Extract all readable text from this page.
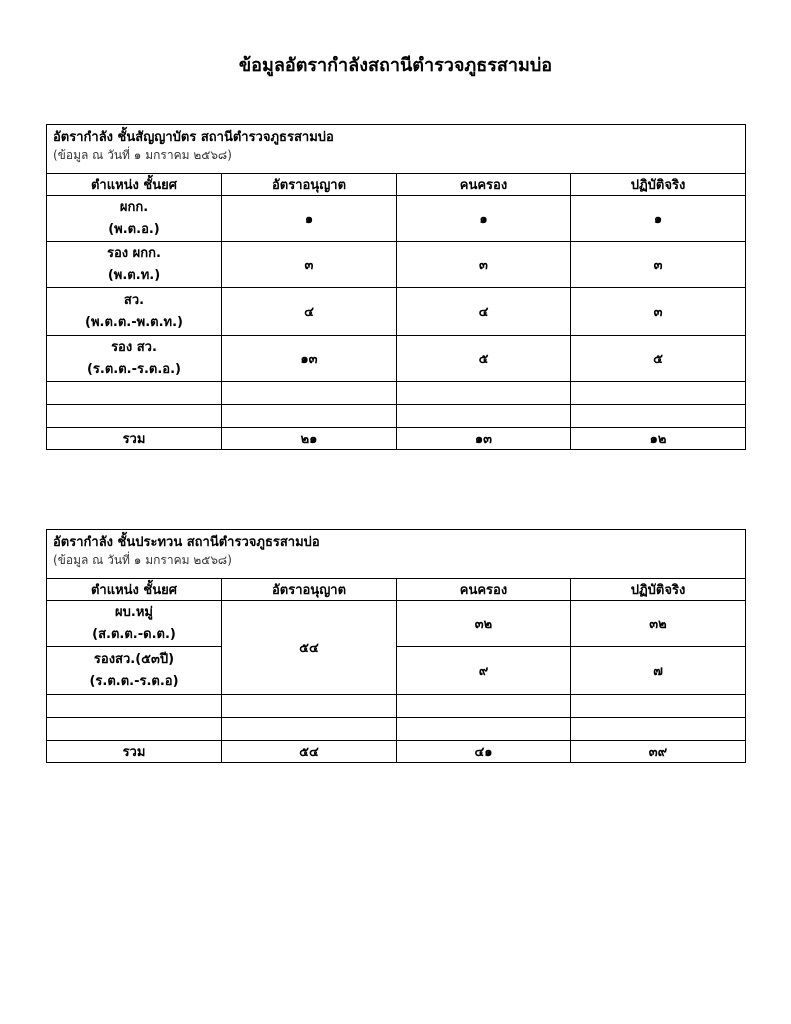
ข้อมูลอัตรากำลังสถานีตำรวจภูธรสามบ่อ
อัตรากำลัง ชั้นสัญญาบัตร สถานีตำรวจภูธรสามบ่อ
(ข้อมูล ณ วันที่ ๑ มกราคม ๒๕๖๘)			

ตำแหน่ง ชั้นยศ	อัตราอนุญาต	คนครอง	ปฏิบัติจริง

ผกก.
(พ.ต.อ.)	๑	๑	๑

รอง ผกก.
(พ.ต.ท.)	๓	๓	๓

สว.
(พ.ต.ต.-พ.ต.ท.)	๔	๔	๓

รอง สว.
(ร.ต.ต.-ร.ต.อ.)	๑๓	๕	๕

รวม	๒๑	๑๓	๑๒
อัตรากำลัง ชั้นประทวน สถานีตำรวจภูธรสามบ่อ
(ข้อมูล ณ วันที่ ๑ มกราคม ๒๕๖๘)			

ตำแหน่ง ชั้นยศ	อัตราอนุญาต	คนครอง	ปฏิบัติจริง

ผบ.หมู่
(ส.ต.ต.-ด.ต.)	๕๔	๓๒	๓๒

รองสว.(๕๓ปี)
(ร.ต.ต.-ร.ต.อ)		๙	๗

รวม	๕๔	๔๑	๓๙
